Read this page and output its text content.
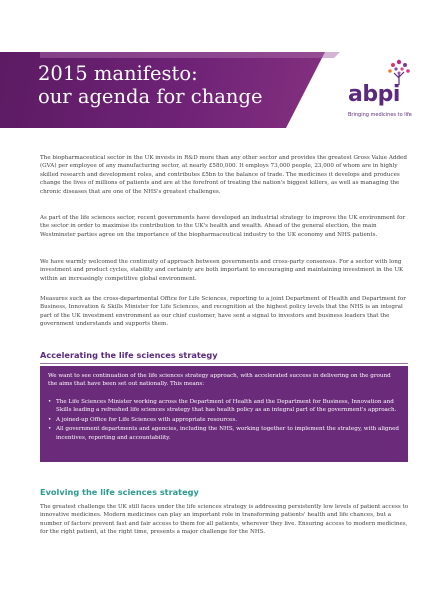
2015 manifesto:
our agenda for change	abpi
Bringing medicines to life

The biopharmaceutical sector in the UK invests in R&D more than any other sector and provides the greatest Gross Value Added (GVA) per employee of any manufacturing sector, at nearly £580,000. It employs 73,000 people, 23,000 of whom are in highly skilled research and development roles, and contributes £5bn to the balance of trade. The medicines it develops and produces change the lives of millions of patients and are at the forefront of treating the nation's biggest killers, as well as managing the chronic diseases that are one of the NHS's greatest challenges.

As part of the life sciences sector, recent governments have developed an industrial strategy to improve the UK environment for the sector in order to maximise its contribution to the UK's health and wealth. Ahead of the general election, the main Westminster parties agree on the importance of the biopharmaceutical industry to the UK economy and NHS patients.

We have warmly welcomed the continuity of approach between governments and cross-party consensus. For a sector with long investment and product cycles, stability and certainty are both important to encouraging and maintaining investment in the UK within an increasingly competitive global environment.

Measures such as the cross-departmental Office for Life Sciences, reporting to a joint Department of Health and Department for Business, Innovation & Skills Minister for Life Sciences, and recognition at the highest policy levels that the NHS is an integral part of the UK investment environment as our chief customer, have sent a signal to investors and business leaders that the government understands and supports them.

Accelerating the life sciences strategy

We want to see continuation of the life sciences strategy approach, with accelerated success in delivering on the ground the aims that have been set out nationally. This means:

• The Life Sciences Minister working across the Department of Health and the Department for Business, Innovation and Skills leading a refreshed life sciences strategy that has health policy as an integral part of the government's approach.
• A joined-up Office for Life Sciences with appropriate resources.
• All government departments and agencies, including the NHS, working together to implement the strategy, with aligned incentives, reporting and accountability.
Evolving the life sciences strategy

The greatest challenge the UK still faces under the life sciences strategy is addressing persistently low levels of patient access to innovative medicines. Modern medicines can play an important role in transforming patients' health and life chances, but a number of factors prevent fast and fair access to them for all patients, wherever they live. Ensuring access to modern medicines, for the right patient, at the right time, presents a major challenge for the NHS.
